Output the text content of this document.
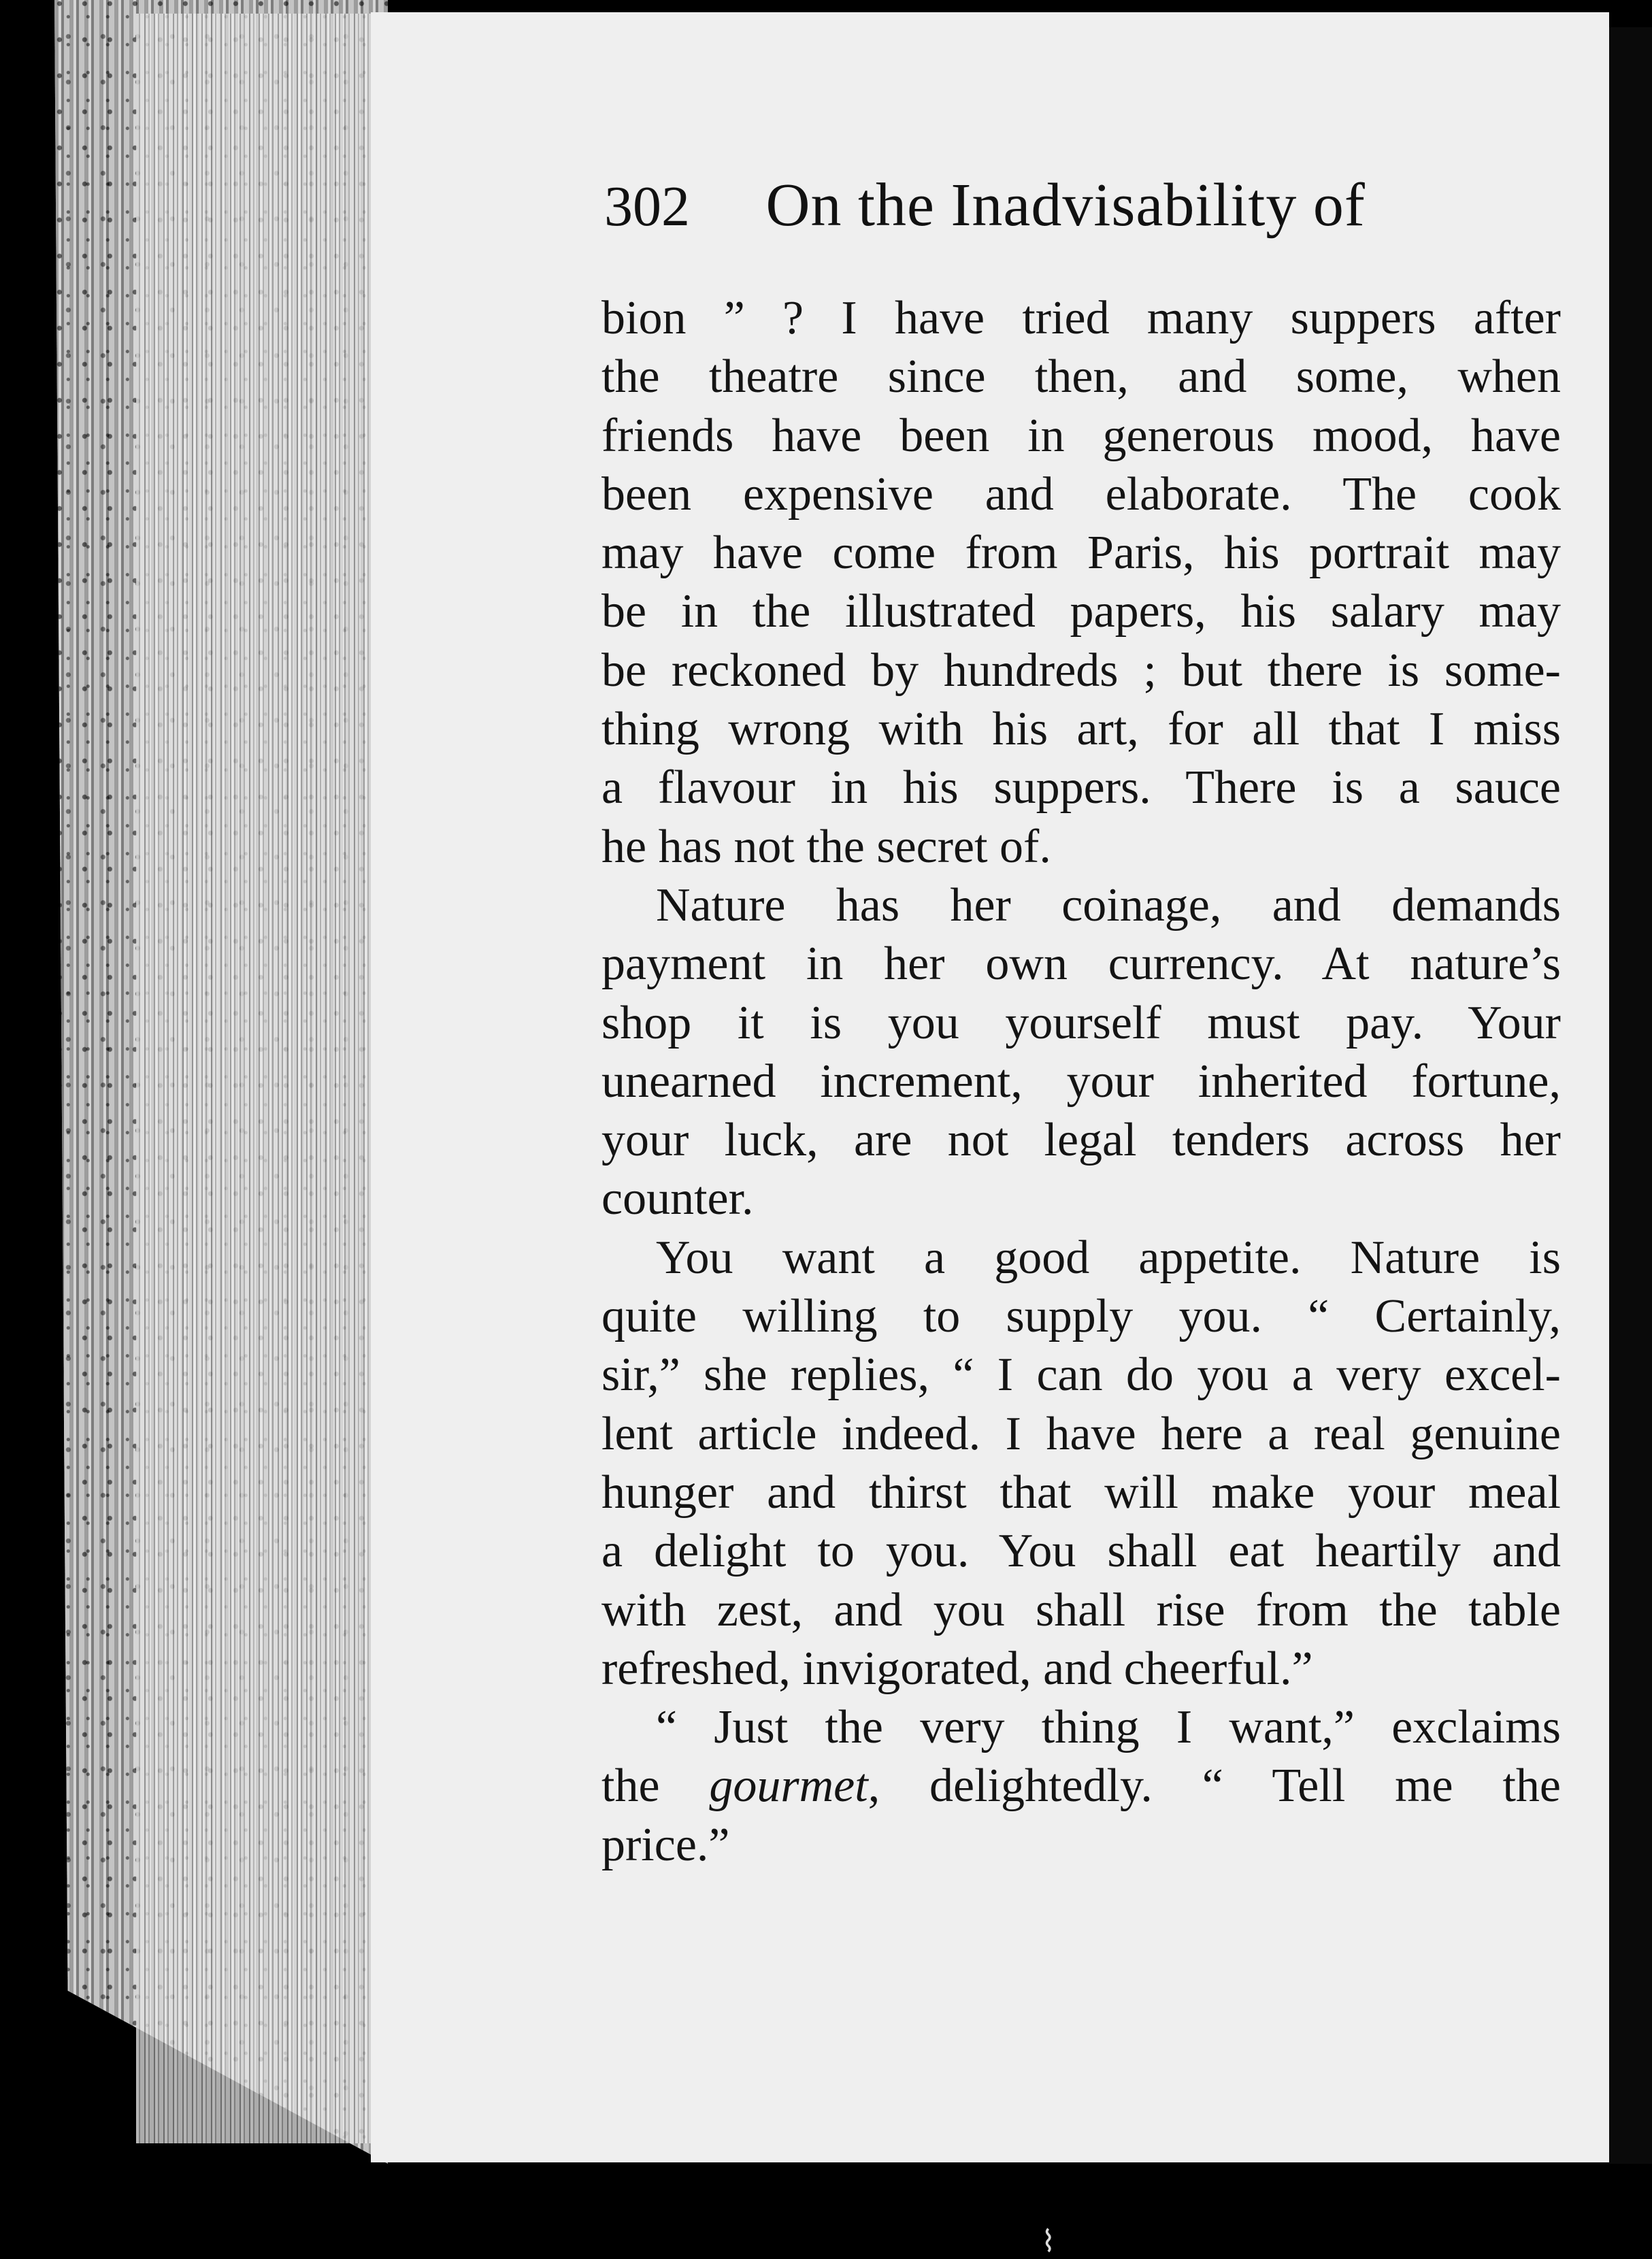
302 On the Inadvisability of
bion ” ? I have tried many suppers after
the theatre since then, and some, when
friends have been in generous mood, have
been expensive and elaborate. The cook
may have come from Paris, his portrait may
be in the illustrated papers, his salary may
be reckoned by hundreds ; but there is some-
thing wrong with his art, for all that I miss
a flavour in his suppers. There is a sauce
he has not the secret of.
Nature has her coinage, and demands
payment in her own currency. At nature’s
shop it is you yourself must pay. Your
unearned increment, your inherited fortune,
your luck, are not legal tenders across her
counter.
You want a good appetite. Nature is
quite willing to supply you. “ Certainly,
sir,” she replies, “ I can do you a very excel-
lent article indeed. I have here a real genuine
hunger and thirst that will make your meal
a delight to you. You shall eat heartily and
with zest, and you shall rise from the table
refreshed, invigorated, and cheerful.”
“ Just the very thing I want,” exclaims
the gourmet, delightedly. “ Tell me the
price.”
⌇
